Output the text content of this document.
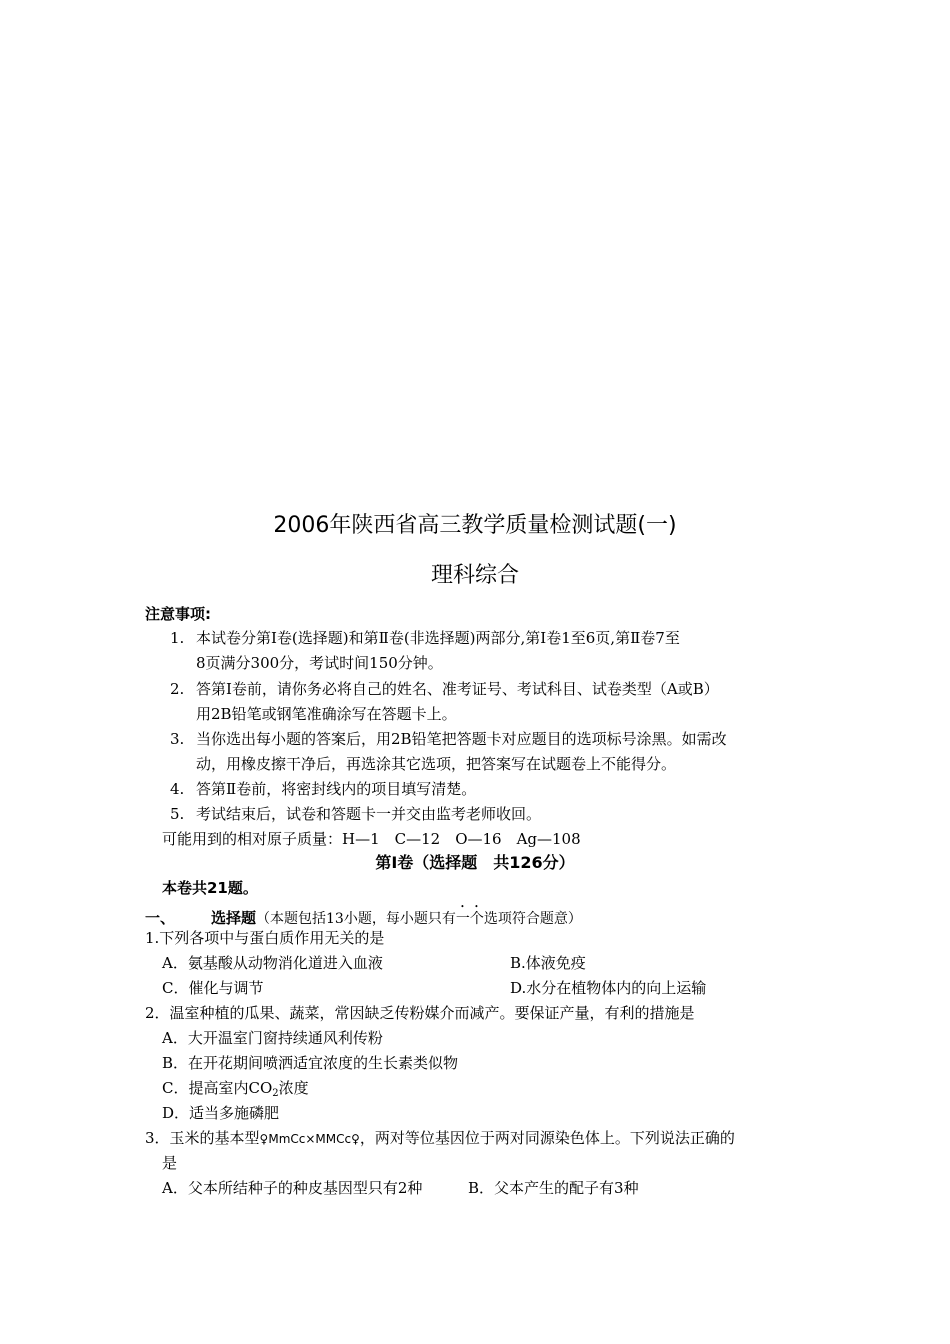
2006年陕西省高三教学质量检测试题(一)
理科综合
注意事项:
1. 本试卷分第Ⅰ卷(选择题)和第Ⅱ卷(非选择题)两部分,第Ⅰ卷1至6页,第Ⅱ卷7至
8页满分300分，考试时间150分钟。
2. 答第Ⅰ卷前，请你务必将自己的姓名、准考证号、考试科目、试卷类型（A或B）
用2B铅笔或钢笔准确涂写在答题卡上。
3. 当你选出每小题的答案后，用2B铅笔把答题卡对应题目的选项标号涂黑。如需改
动，用橡皮擦干净后，再选涂其它选项，把答案写在试题卷上不能得分。
4. 答第Ⅱ卷前，将密封线内的项目填写清楚。
5. 考试结束后，试卷和答题卡一并交由监考老师收回。
可能用到的相对原子质量：H—1　C—12　O—16　Ag—108
第Ⅰ卷（选择题　共126分）
本卷共21题。
一、 选择题（本题包括13小题，每小题只有一个选项符合题意）
1.下列各项中与蛋白质作用无关的是
A．氨基酸从动物消化道进入血液	B.体液免疫
C．催化与调节	D.水分在植物体内的向上运输
2．温室种植的瓜果、蔬菜，常因缺乏传粉媒介而减产。要保证产量，有利的措施是
A．大开温室门窗持续通风利传粉
B．在开花期间喷洒适宜浓度的生长素类似物
C．提高室内$CO_2$浓度
D．适当多施磷肥
3．玉米的基本型♀MmCc×MMCc♀，两对等位基因位于两对同源染色体上。下列说法正确的
是
A．父本所结种子的种皮基因型只有2种	B．父本产生的配子有3种
